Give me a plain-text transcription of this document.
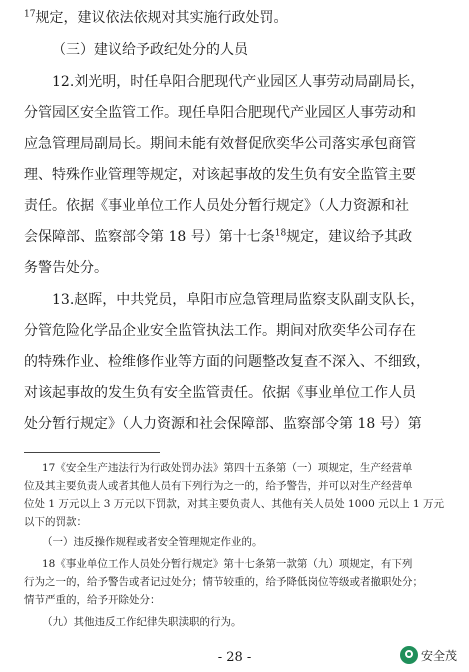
$^{17}$规定，建议依法依规对其实施行政处罚。
（三）建议给予政纪处分的人员
12.刘光明，时任阜阳合肥现代产业园区人事劳动局副局长，
分管园区安全监管工作。现任阜阳合肥现代产业园区人事劳动和
应急管理局副局长。期间未能有效督促欣奕华公司落实承包商管
理、特殊作业管理等规定，对该起事故的发生负有安全监管主要
责任。依据《事业单位工作人员处分暂行规定》（人力资源和社
会保障部、监察部令第 18 号）第十七条$^{18}$规定，建议给予其政
务警告处分。
13.赵晖，中共党员，阜阳市应急管理局监察支队副支队长，
分管危险化学品企业安全监管执法工作。期间对欣奕华公司存在
的特殊作业、检维修作业等方面的问题整改复查不深入、不细致，
对该起事故的发生负有安全监管责任。依据《事业单位工作人员
处分暂行规定》（人力资源和社会保障部、监察部令第 18 号）第
17《安全生产违法行为行政处罚办法》第四十五条第（一）项规定，生产经营单
位及其主要负责人或者其他人员有下列行为之一的，给予警告，并可以对生产经营单
位处 1 万元以上 3 万元以下罚款，对其主要负责人、其他有关人员处 1000 元以上 1 万元
以下的罚款：
（一）违反操作规程或者安全管理规定作业的。
18《事业单位工作人员处分暂行规定》第十七条第一款第（九）项规定，有下列
行为之一的，给予警告或者记过处分；情节较重的，给予降低岗位等级或者撤职处分；
情节严重的，给予开除处分：
（九）其他违反工作纪律失职渎职的行为。
- 28 -	安全茂
